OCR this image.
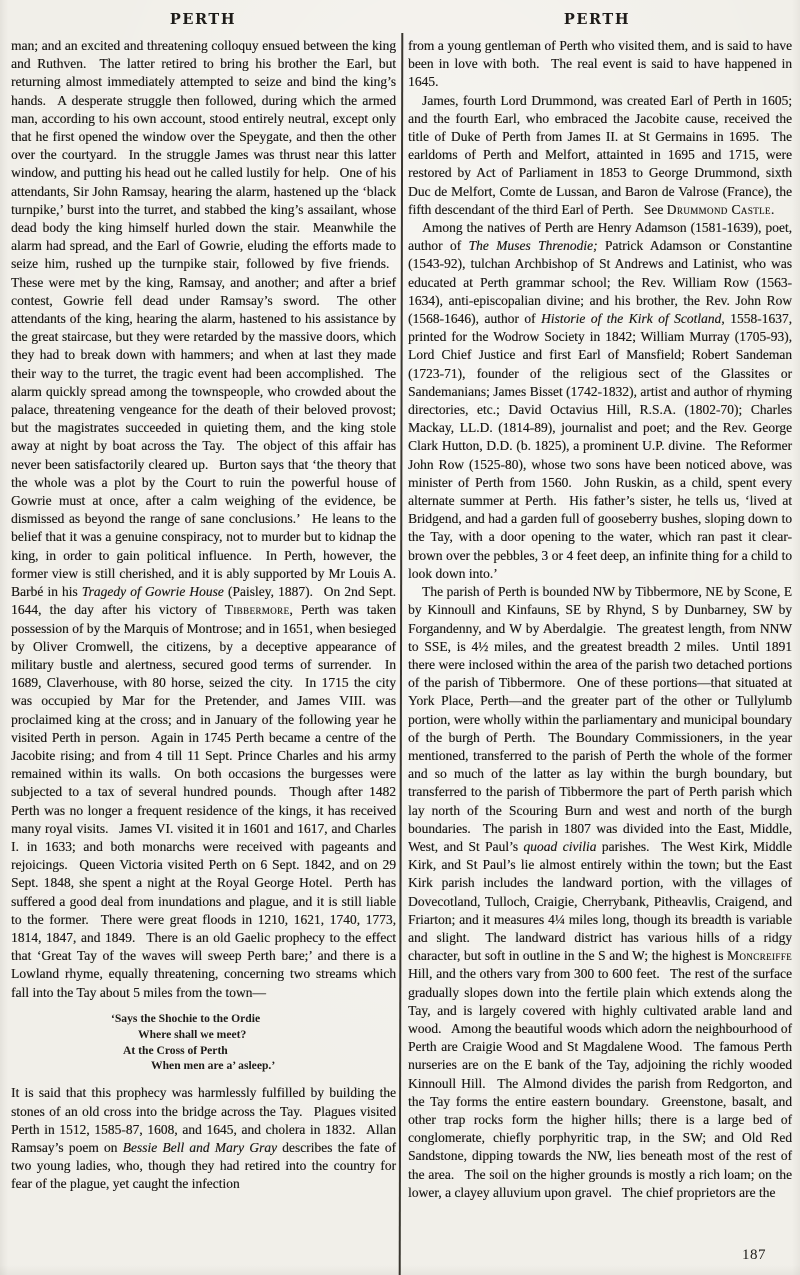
PERTH	PERTH

man; and an excited and threatening colloquy ensued between the king and Ruthven.  The latter retired to bring his brother the Earl, but returning almost immediately attempted to seize and bind the king’s hands.  A desperate struggle then followed, during which the armed man, according to his own account, stood entirely neutral, except only that he first opened the window over the Speygate, and then the other over the courtyard.  In the struggle James was thrust near this latter window, and putting his head out he called lustily for help.  One of his attendants, Sir John Ramsay, hearing the alarm, hastened up the ‘black turnpike,’ burst into the turret, and stabbed the king’s assailant, whose dead body the king himself hurled down the stair.  Meanwhile the alarm had spread, and the Earl of Gowrie, eluding the efforts made to seize him, rushed up the turnpike stair, followed by five friends.  These were met by the king, Ramsay, and another; and after a brief contest, Gowrie fell dead under Ramsay’s sword.  The other attendants of the king, hearing the alarm, hastened to his assistance by the great staircase, but they were retarded by the massive doors, which they had to break down with hammers; and when at last they made their way to the turret, the tragic event had been accomplished.  The alarm quickly spread among the townspeople, who crowded about the palace, threatening vengeance for the death of their beloved provost; but the magistrates succeeded in quieting them, and the king stole away at night by boat across the Tay.  The object of this affair has never been satisfactorily cleared up.  Burton says that ‘the theory that the whole was a plot by the Court to ruin the powerful house of Gowrie must at once, after a calm weighing of the evidence, be dismissed as beyond the range of sane conclusions.’  He leans to the belief that it was a genuine conspiracy, not to murder but to kidnap the king, in order to gain political influence.  In Perth, however, the former view is still cherished, and it is ably supported by Mr Louis A. Barbé in his Tragedy of Gowrie House (Paisley, 1887).  On 2nd Sept. 1644, the day after his victory of Tibbermore, Perth was taken possession of by the Marquis of Montrose; and in 1651, when besieged by Oliver Cromwell, the citizens, by a deceptive appearance of military bustle and alertness, secured good terms of surrender.  In 1689, Claverhouse, with 80 horse, seized the city.  In 1715 the city was occupied by Mar for the Pretender, and James VIII. was proclaimed king at the cross; and in January of the following year he visited Perth in person.  Again in 1745 Perth became a centre of the Jacobite rising; and from 4 till 11 Sept. Prince Charles and his army remained within its walls.  On both occasions the burgesses were subjected to a tax of several hundred pounds.  Though after 1482 Perth was no longer a frequent residence of the kings, it has received many royal visits.  James VI. visited it in 1601 and 1617, and Charles I. in 1633; and both monarchs were received with pageants and rejoicings.  Queen Victoria visited Perth on 6 Sept. 1842, and on 29 Sept. 1848, she spent a night at the Royal George Hotel.  Perth has suffered a good deal from inundations and plague, and it is still liable to the former.  There were great floods in 1210, 1621, 1740, 1773, 1814, 1847, and 1849.  There is an old Gaelic prophecy to the effect that ‘Great Tay of the waves will sweep Perth bare;’ and there is a Lowland rhyme, equally threatening, concerning two streams which fall into the Tay about 5 miles from the town—

‘Says the Shochie to the Ordie
Where shall we meet?
At the Cross of Perth
When men are a’ asleep.’

It is said that this prophecy was harmlessly fulfilled by building the stones of an old cross into the bridge across the Tay.  Plagues visited Perth in 1512, 1585-87, 1608, and 1645, and cholera in 1832.  Allan Ramsay’s poem on Bessie Bell and Mary Gray describes the fate of two young ladies, who, though they had retired into the country for fear of the plague, yet caught the infection

from a young gentleman of Perth who visited them, and is said to have been in love with both.  The real event is said to have happened in 1645.

James, fourth Lord Drummond, was created Earl of Perth in 1605; and the fourth Earl, who embraced the Jacobite cause, received the title of Duke of Perth from James II. at St Germains in 1695.  The earldoms of Perth and Melfort, attainted in 1695 and 1715, were restored by Act of Parliament in 1853 to George Drummond, sixth Duc de Melfort, Comte de Lussan, and Baron de Valrose (France), the fifth descendant of the third Earl of Perth.  See Drummond Castle.

Among the natives of Perth are Henry Adamson (1581-1639), poet, author of The Muses Threnodie; Patrick Adamson or Constantine (1543-92), tulchan Archbishop of St Andrews and Latinist, who was educated at Perth grammar school; the Rev. William Row (1563-1634), anti-episcopalian divine; and his brother, the Rev. John Row (1568-1646), author of Historie of the Kirk of Scotland, 1558-1637, printed for the Wodrow Society in 1842; William Murray (1705-93), Lord Chief Justice and first Earl of Mansfield; Robert Sandeman (1723-71), founder of the religious sect of the Glassites or Sandemanians; James Bisset (1742-1832), artist and author of rhyming directories, etc.; David Octavius Hill, R.S.A. (1802-70); Charles Mackay, LL.D. (1814-89), journalist and poet; and the Rev. George Clark Hutton, D.D. (b. 1825), a prominent U.P. divine.  The Reformer John Row (1525-80), whose two sons have been noticed above, was minister of Perth from 1560.  John Ruskin, as a child, spent every alternate summer at Perth.  His father’s sister, he tells us, ‘lived at Bridgend, and had a garden full of gooseberry bushes, sloping down to the Tay, with a door opening to the water, which ran past it clear-brown over the pebbles, 3 or 4 feet deep, an infinite thing for a child to look down into.’

The parish of Perth is bounded NW by Tibbermore, NE by Scone, E by Kinnoull and Kinfauns, SE by Rhynd, S by Dunbarney, SW by Forgandenny, and W by Aberdalgie.  The greatest length, from NNW to SSE, is 4½ miles, and the greatest breadth 2 miles.  Until 1891 there were inclosed within the area of the parish two detached portions of the parish of Tibbermore.  One of these portions—that situated at York Place, Perth—and the greater part of the other or Tullylumb portion, were wholly within the parliamentary and municipal boundary of the burgh of Perth.  The Boundary Commissioners, in the year mentioned, transferred to the parish of Perth the whole of the former and so much of the latter as lay within the burgh boundary, but transferred to the parish of Tibbermore the part of Perth parish which lay north of the Scouring Burn and west and north of the burgh boundaries.  The parish in 1807 was divided into the East, Middle, West, and St Paul’s quoad civilia parishes.  The West Kirk, Middle Kirk, and St Paul’s lie almost entirely within the town; but the East Kirk parish includes the landward portion, with the villages of Dovecotland, Tulloch, Craigie, Cherrybank, Pitheavlis, Craigend, and Friarton; and it measures 4¼ miles long, though its breadth is variable and slight.  The landward district has various hills of a ridgy character, but soft in outline in the S and W; the highest is Moncreiffe Hill, and the others vary from 300 to 600 feet.  The rest of the surface gradually slopes down into the fertile plain which extends along the Tay, and is largely covered with highly cultivated arable land and wood.  Among the beautiful woods which adorn the neighbourhood of Perth are Craigie Wood and St Magdalene Wood.  The famous Perth nurseries are on the E bank of the Tay, adjoining the richly wooded Kinnoull Hill.  The Almond divides the parish from Redgorton, and the Tay forms the entire eastern boundary.  Greenstone, basalt, and other trap rocks form the higher hills; there is a large bed of conglomerate, chiefly porphyritic trap, in the SW; and Old Red Sandstone, dipping towards the NW, lies beneath most of the rest of the area.  The soil on the higher grounds is mostly a rich loam; on the lower, a clayey alluvium upon gravel.  The chief proprietors are the

187
